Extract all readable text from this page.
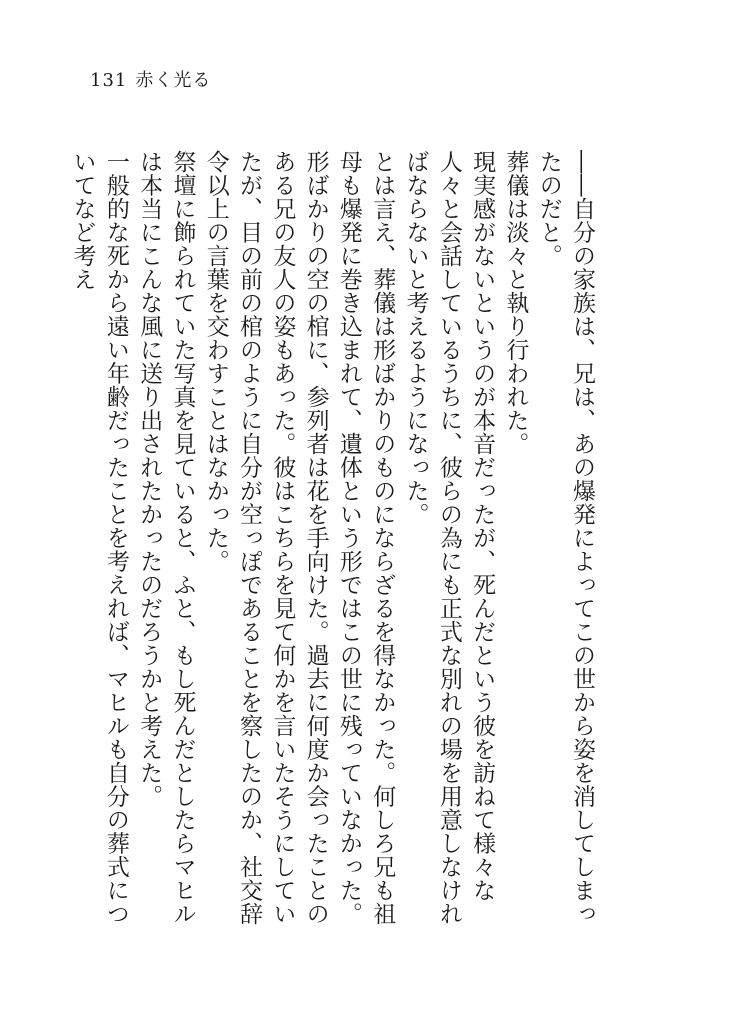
131 赤く光る

――自分の家族は、兄は、あの爆発によってこの世から姿を消してしまったのだと。

葬儀は淡々と執り行われた。

現実感がないというのが本音だったが、死んだという彼を訪ねて様々な人々と会話しているうちに、彼らの為にも正式な別れの場を用意しなければならないと考えるようになった。

とは言え、葬儀は形ばかりのものにならざるを得なかった。何しろ兄も祖母も爆発に巻き込まれて、遺体という形ではこの世に残っていなかった。

形ばかりの空の棺に、参列者は花を手向けた。過去に何度か会ったことのある兄の友人の姿もあった。彼はこちらを見て何かを言いたそうにしていたが、目の前の棺のように自分が空っぽであることを察したのか、社交辞令以上の言葉を交わすことはなかった。

祭壇に飾られていた写真を見ていると、ふと、もし死んだとしたらマヒルは本当にこんな風に送り出されたかったのだろうかと考えた。

一般的な死から遠い年齢だったことを考えれば、マヒルも自分の葬式についてなど考え
